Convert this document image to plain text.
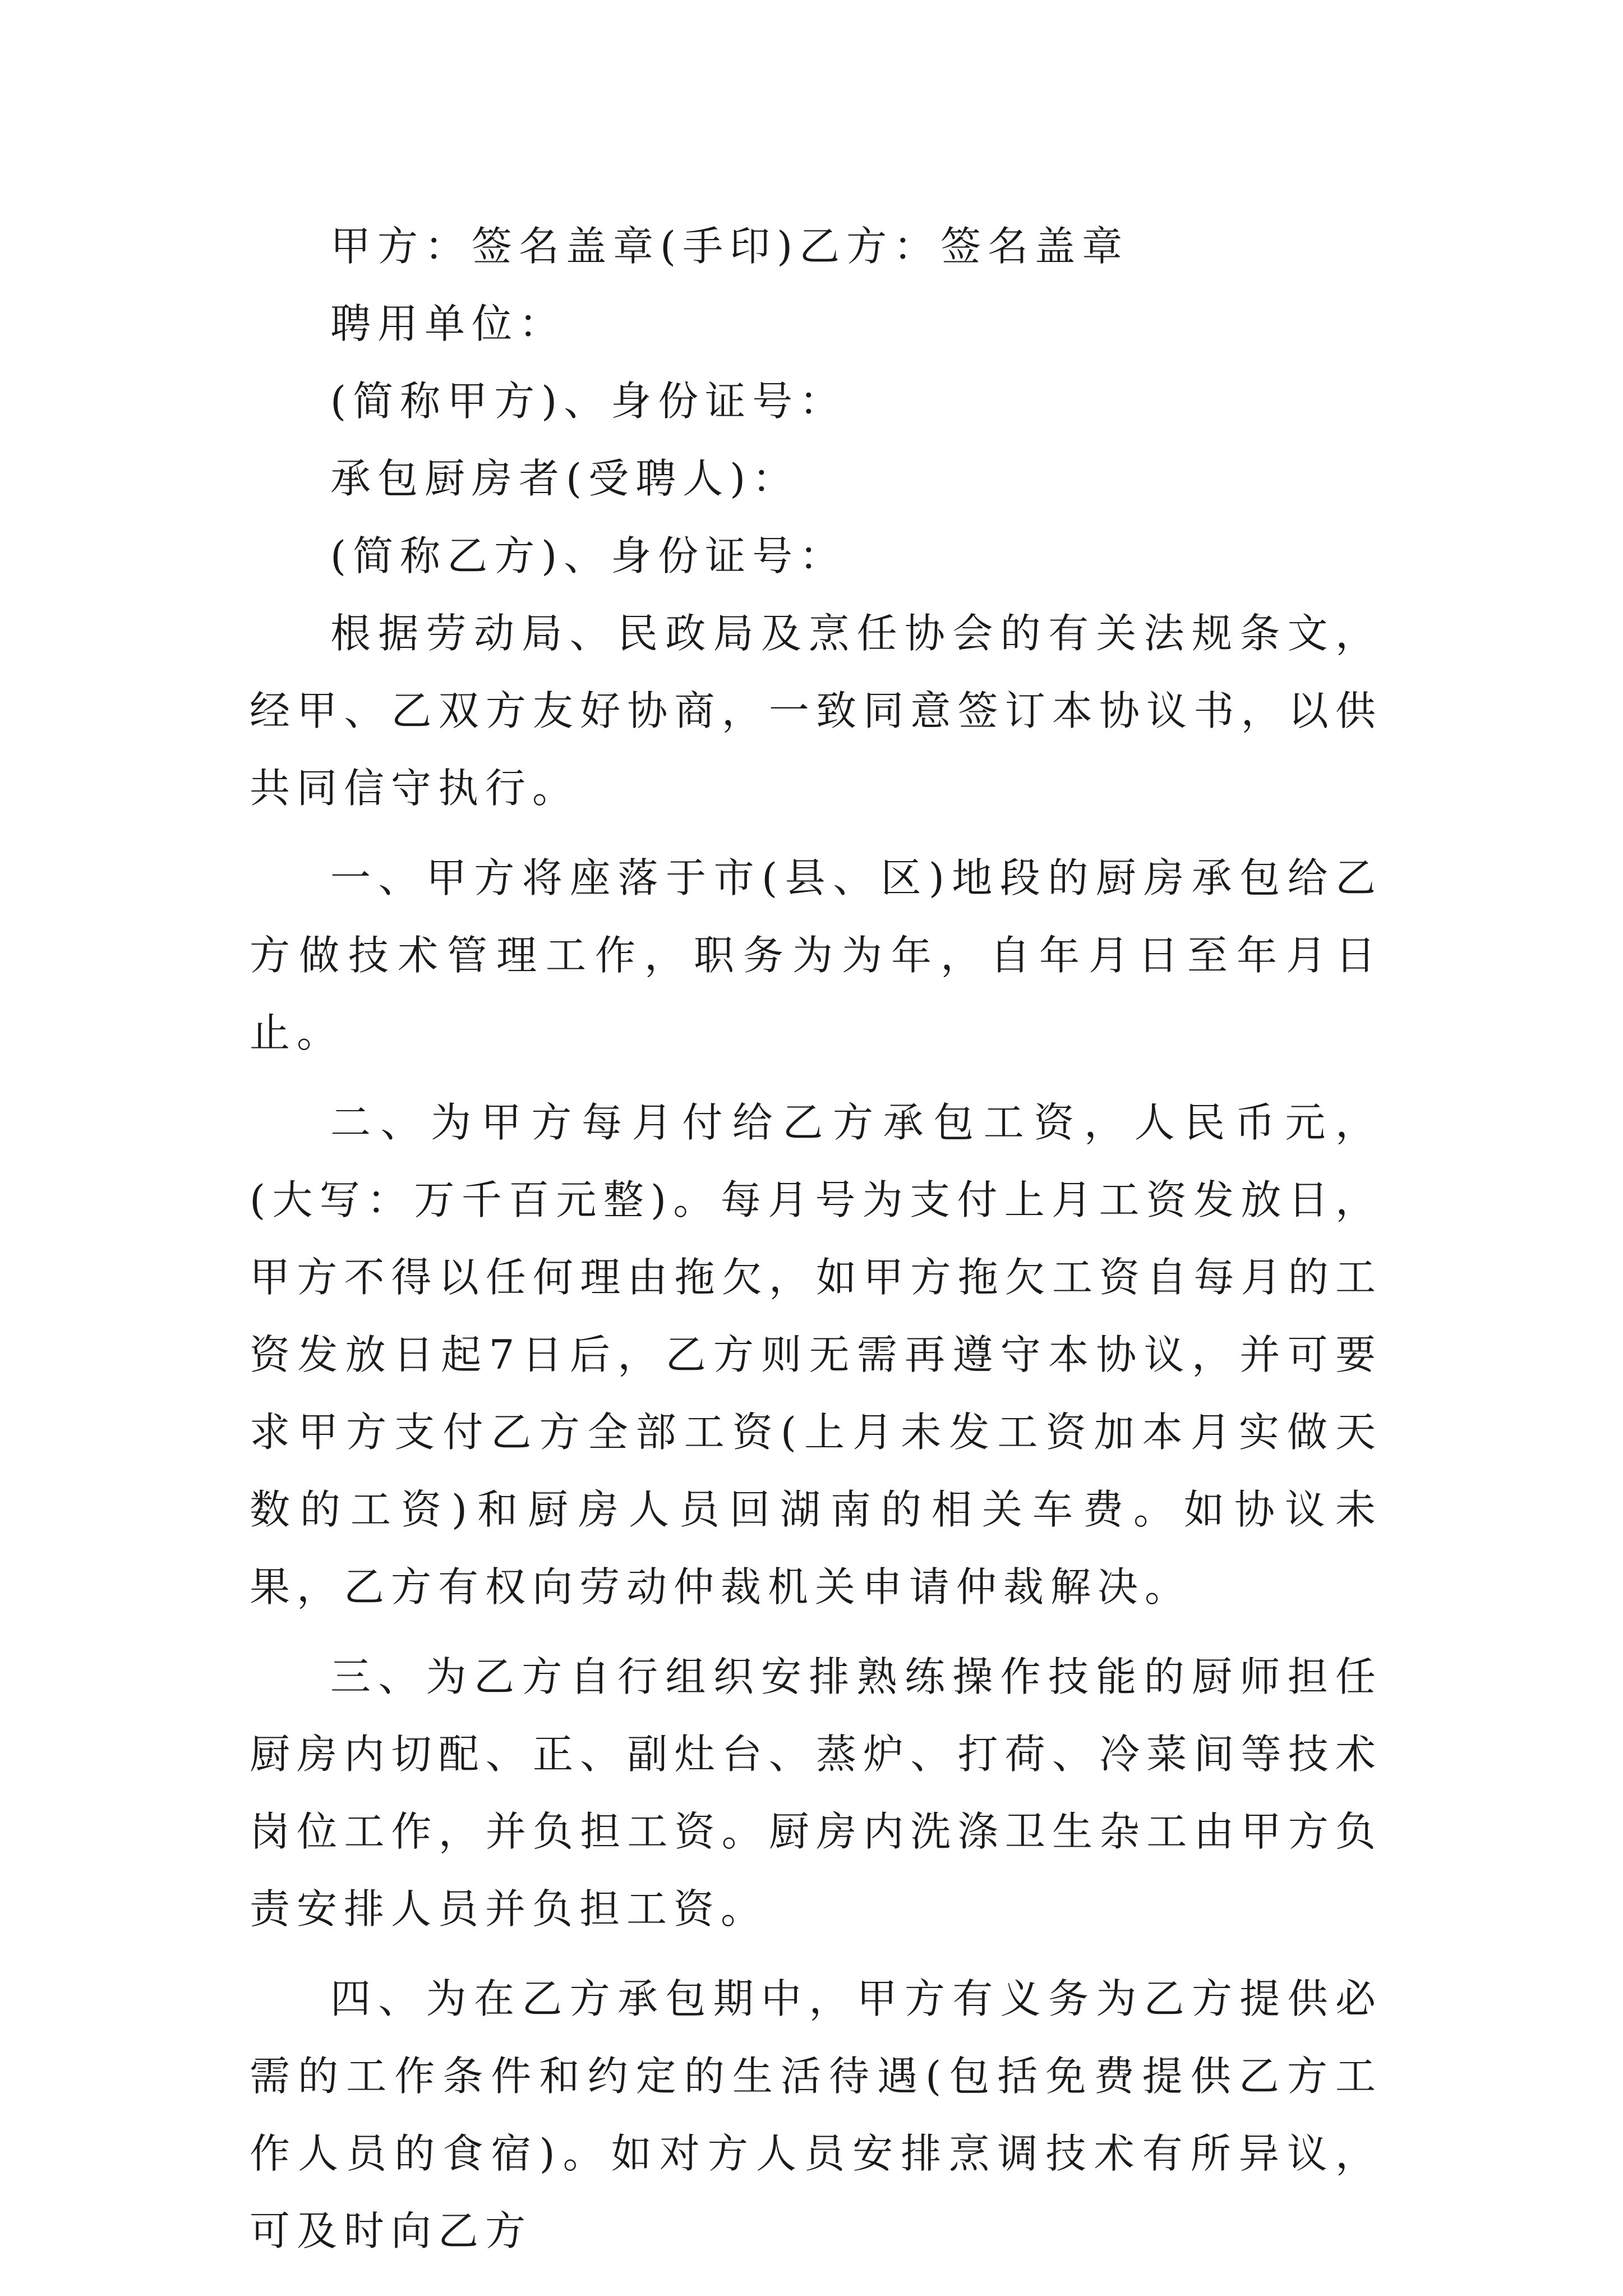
甲方：签名盖章(手印)乙方：签名盖章

聘用单位：

(简称甲方)、身份证号：

承包厨房者(受聘人)：

(简称乙方)、身份证号：

根据劳动局、民政局及烹任协会的有关法规条文，经甲、乙双方友好协商，一致同意签订本协议书，以供共同信守执行。

一、甲方将座落于市(县、区)地段的厨房承包给乙方做技术管理工作，职务为为年，自年月日至年月日止。

二、为甲方每月付给乙方承包工资，人民币元，(大写：万千百元整)。每月号为支付上月工资发放日，甲方不得以任何理由拖欠，如甲方拖欠工资自每月的工资发放日起7日后，乙方则无需再遵守本协议，并可要求甲方支付乙方全部工资(上月未发工资加本月实做天数的工资)和厨房人员回湖南的相关车费。如协议未果，乙方有权向劳动仲裁机关申请仲裁解决。

三、为乙方自行组织安排熟练操作技能的厨师担任厨房内切配、正、副灶台、蒸炉、打荷、冷菜间等技术岗位工作，并负担工资。厨房内洗涤卫生杂工由甲方负责安排人员并负担工资。

四、为在乙方承包期中，甲方有义务为乙方提供必需的工作条件和约定的生活待遇(包括免费提供乙方工作人员的食宿)。如对方人员安排烹调技术有所异议，可及时向乙方
